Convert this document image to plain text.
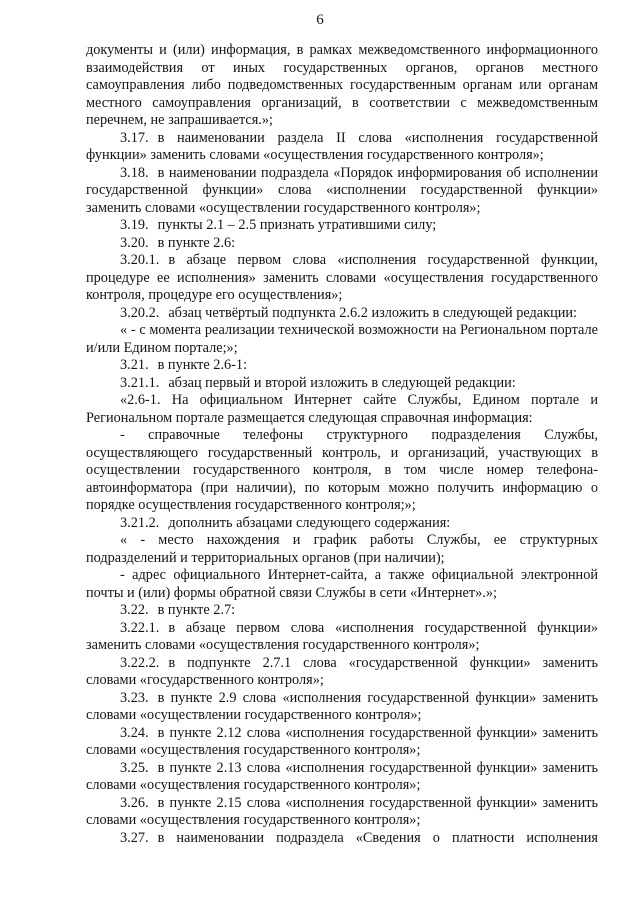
6

документы и (или) информация, в рамках межведомственного информационного взаимодействия от иных государственных органов, органов местного самоуправления либо подведомственных государственным органам или органам местного самоуправления организаций, в соответствии с межведомственным перечнем, не запрашивается.»;

3.17. в наименовании раздела II слова «исполнения государственной функции» заменить словами «осуществления государственного контроля»;

3.18. в наименовании подраздела «Порядок информирования об исполнении государственной функции» слова «исполнении государственной функции» заменить словами «осуществлении государственного контроля»;

3.19. пункты 2.1 – 2.5 признать утратившими силу;

3.20. в пункте 2.6:

3.20.1. в абзаце первом слова «исполнения государственной функции, процедуре ее исполнения» заменить словами «осуществления государственного контроля, процедуре его осуществления»;

3.20.2. абзац четвёртый подпункта 2.6.2 изложить в следующей редакции:

« - с момента реализации технической возможности на Региональном портале и/или Едином портале;»;

3.21. в пункте 2.6-1:

3.21.1. абзац первый и второй изложить в следующей редакции:

«2.6-1. На официальном Интернет сайте Службы, Едином портале и Региональном портале размещается следующая справочная информация:

- справочные телефоны структурного подразделения Службы, осуществляющего государственный контроль, и организаций, участвующих в осуществлении государственного контроля, в том числе номер телефона-автоинформатора (при наличии), по которым можно получить информацию о порядке осуществления государственного контроля;»;

3.21.2. дополнить абзацами следующего содержания:

« - место нахождения и график работы Службы, ее структурных подразделений и территориальных органов (при наличии);

- адрес официального Интернет-сайта, а также официальной электронной почты и (или) формы обратной связи Службы в сети «Интернет».»;

3.22. в пункте 2.7:

3.22.1. в абзаце первом слова «исполнения государственной функции» заменить словами «осуществления государственного контроля»;

3.22.2. в подпункте 2.7.1 слова «государственной функции» заменить словами «государственного контроля»;

3.23. в пункте 2.9 слова «исполнения государственной функции» заменить словами «осуществлении государственного контроля»;

3.24. в пункте 2.12 слова «исполнения государственной функции» заменить словами «осуществления государственного контроля»;

3.25. в пункте 2.13 слова «исполнения государственной функции» заменить словами «осуществления государственного контроля»;

3.26. в пункте 2.15 слова «исполнения государственной функции» заменить словами «осуществления государственного контроля»;

3.27. в наименовании подраздела «Сведения о платности исполнения
